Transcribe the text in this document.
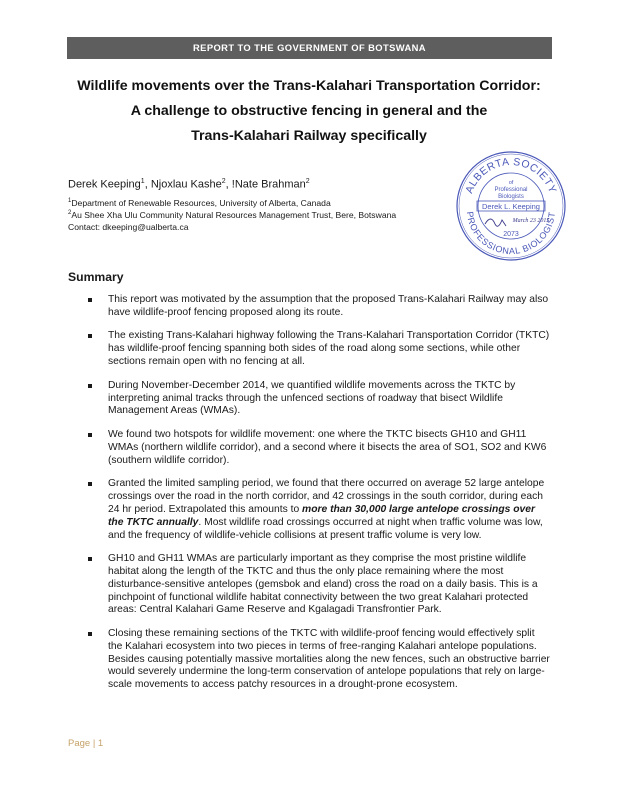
REPORT TO THE GOVERNMENT OF BOTSWANA
Wildlife movements over the Trans-Kalahari Transportation Corridor:
A challenge to obstructive fencing in general and the
Trans-Kalahari Railway specifically
Derek Keeping$^1$, Njoxlau Kashe$^2$, !Nate Brahman$^2$
$^1$Department of Renewable Resources, University of Alberta, Canada
$^2$Au Shee Xha Ulu Community Natural Resources Management Trust, Bere, Botswana
Contact: dkeeping@ualberta.ca
ALBERTA SOCIETY
PROFESSIONAL BIOLOGIST
of
Professional
Biologists
Derek L. Keeping
March 23 2015
2073
Summary
This report was motivated by the assumption that the proposed Trans-Kalahari Railway may also have wildlife-proof fencing proposed along its route.
The existing Trans-Kalahari highway following the Trans-Kalahari Transportation Corridor (TKTC) has wildlife-proof fencing spanning both sides of the road along some sections, while other sections remain open with no fencing at all.
During November-December 2014, we quantified wildlife movements across the TKTC by interpreting animal tracks through the unfenced sections of roadway that bisect Wildlife Management Areas (WMAs).
We found two hotspots for wildlife movement: one where the TKTC bisects GH10 and GH11 WMAs (northern wildlife corridor), and a second where it bisects the area of SO1, SO2 and KW6 (southern wildlife corridor).
Granted the limited sampling period, we found that there occurred on average 52 large antelope crossings over the road in the north corridor, and 42 crossings in the south corridor, during each 24 hr period. Extrapolated this amounts to more than 30,000 large antelope crossings over the TKTC annually. Most wildlife road crossings occurred at night when traffic volume was low, and the frequency of wildlife-vehicle collisions at present traffic volume is very low.
GH10 and GH11 WMAs are particularly important as they comprise the most pristine wildlife habitat along the length of the TKTC and thus the only place remaining where the most disturbance-sensitive antelopes (gemsbok and eland) cross the road on a daily basis. This is a pinchpoint of functional wildlife habitat connectivity between the two great Kalahari protected areas: Central Kalahari Game Reserve and Kgalagadi Transfrontier Park.
Closing these remaining sections of the TKTC with wildlife-proof fencing would effectively split the Kalahari ecosystem into two pieces in terms of free-ranging Kalahari antelope populations. Besides causing potentially massive mortalities along the new fences, such an obstructive barrier would severely undermine the long-term conservation of antelope populations that rely on large-scale movements to access patchy resources in a drought-prone ecosystem.
Page | 1
